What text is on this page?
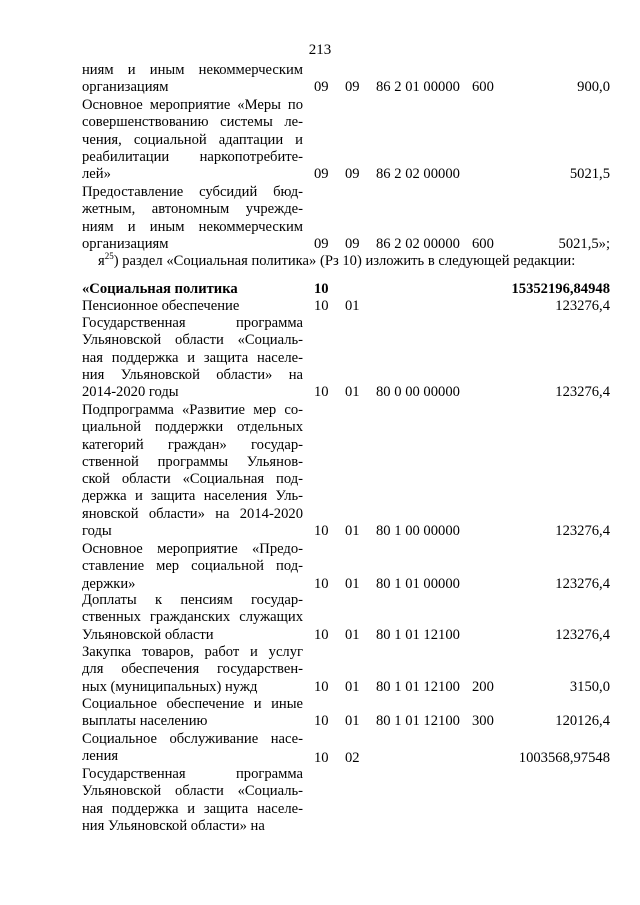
213
$я^{25}$) раздел «Социальная политика» (Рз 10) изложить в следующей редакции:
ниям и иным некоммерческим
организациям	09 09 86 2 01 00000 600	900,0
Основное мероприятие «Меры по
совершенствованию системы ле-
чения, социальной адаптации и
реабилитации наркопотребите-
лей»	09 09 86 2 02 00000	5021,5
Предоставление субсидий бюд-
жетным, автономным учрежде-
ниям и иным некоммерческим
организациям	09 09 86 2 02 00000 600	5021,5»;
«Социальная политика	10	15352196,84948
Пенсионное обеспечение	10 01	123276,4
Государственная программа
Ульяновской области «Социаль-
ная поддержка и защита населе-
ния Ульяновской области» на
2014-2020 годы	10 01 80 0 00 00000	123276,4
Подпрограмма «Развитие мер со-
циальной поддержки отдельных
категорий граждан» государ-
ственной программы Ульянов-
ской области «Социальная под-
держка и защита населения Уль-
яновской области» на 2014-2020
годы	10 01 80 1 00 00000	123276,4
Основное мероприятие «Предо-
ставление мер социальной под-
держки»	10 01 80 1 01 00000	123276,4
Доплаты к пенсиям государ-
ственных гражданских служащих
Ульяновской области	10 01 80 1 01 12100	123276,4
Закупка товаров, работ и услуг
для обеспечения государствен-
ных (муниципальных) нужд	10 01 80 1 01 12100 200	3150,0
Социальное обеспечение и иные
выплаты населению	10 01 80 1 01 12100 300	120126,4
Социальное обслуживание насе-
ления	10 02	1003568,97548
Государственная программа
Ульяновской области «Социаль-
ная поддержка и защита населе-
ния Ульяновской области» на
